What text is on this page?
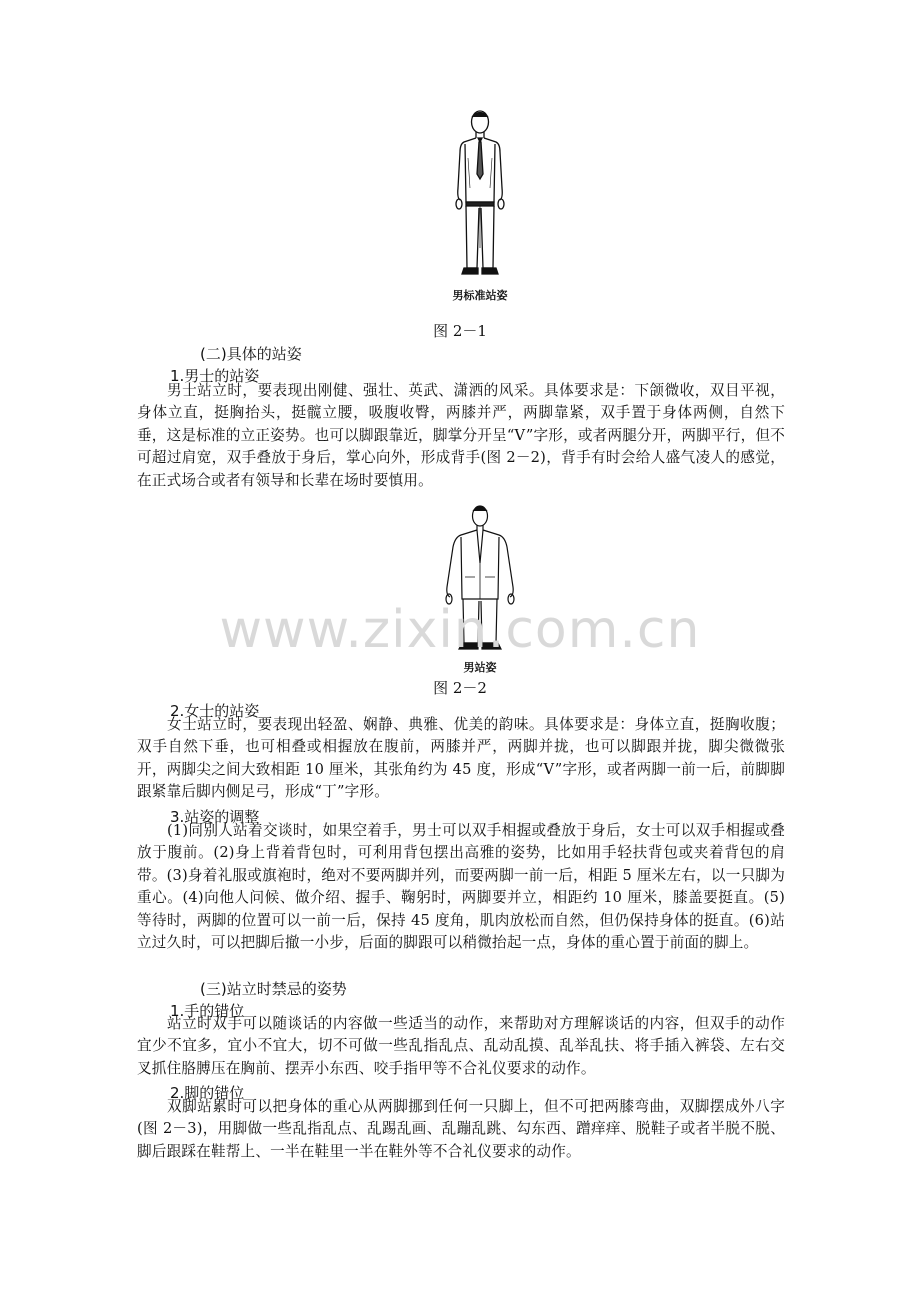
男标准站姿
图 2－1
(二)具体的站姿
1.男士的站姿
男士站立时，要表现出刚健、强壮、英武、潇洒的风采。具体要求是：下颌微收，双目平视，身体立直，挺胸抬头，挺髋立腰，吸腹收臀，两膝并严，两脚靠紧，双手置于身体两侧，自然下垂，这是标准的立正姿势。也可以脚跟靠近，脚掌分开呈“V”字形，或者两腿分开，两脚平行，但不可超过肩宽，双手叠放于身后，掌心向外，形成背手(图 2－2)，背手有时会给人盛气凌人的感觉，在正式场合或者有领导和长辈在场时要慎用。
男站姿
www.zixin.com.cn
图 2－2
2.女士的站姿
女士站立时，要表现出轻盈、娴静、典雅、优美的韵味。具体要求是：身体立直，挺胸收腹；双手自然下垂，也可相叠或相握放在腹前，两膝并严，两脚并拢，也可以脚跟并拢，脚尖微微张开，两脚尖之间大致相距 10 厘米，其张角约为 45 度，形成“V”字形，或者两脚一前一后，前脚脚跟紧靠后脚内侧足弓，形成“丁”字形。
3.站姿的调整
(1)同别人站着交谈时，如果空着手，男士可以双手相握或叠放于身后，女士可以双手相握或叠放于腹前。(2)身上背着背包时，可利用背包摆出高雅的姿势，比如用手轻扶背包或夹着背包的肩带。(3)身着礼服或旗袍时，绝对不要两脚并列，而要两脚一前一后，相距 5 厘米左右，以一只脚为重心。(4)向他人问候、做介绍、握手、鞠躬时，两脚要并立，相距约 10 厘米，膝盖要挺直。(5)等待时，两脚的位置可以一前一后，保持 45 度角，肌肉放松而自然，但仍保持身体的挺直。(6)站立过久时，可以把脚后撤一小步，后面的脚跟可以稍微抬起一点，身体的重心置于前面的脚上。
(三)站立时禁忌的姿势
1.手的错位
站立时双手可以随谈话的内容做一些适当的动作，来帮助对方理解谈话的内容，但双手的动作宜少不宜多，宜小不宜大，切不可做一些乱指乱点、乱动乱摸、乱举乱扶、将手插入裤袋、左右交叉抓住胳膊压在胸前、摆弄小东西、咬手指甲等不合礼仪要求的动作。
2.脚的错位
双脚站累时可以把身体的重心从两脚挪到任何一只脚上，但不可把两膝弯曲，双脚摆成外八字(图 2－3)，用脚做一些乱指乱点、乱踢乱画、乱蹦乱跳、勾东西、蹭痒痒、脱鞋子或者半脱不脱、脚后跟踩在鞋帮上、一半在鞋里一半在鞋外等不合礼仪要求的动作。
